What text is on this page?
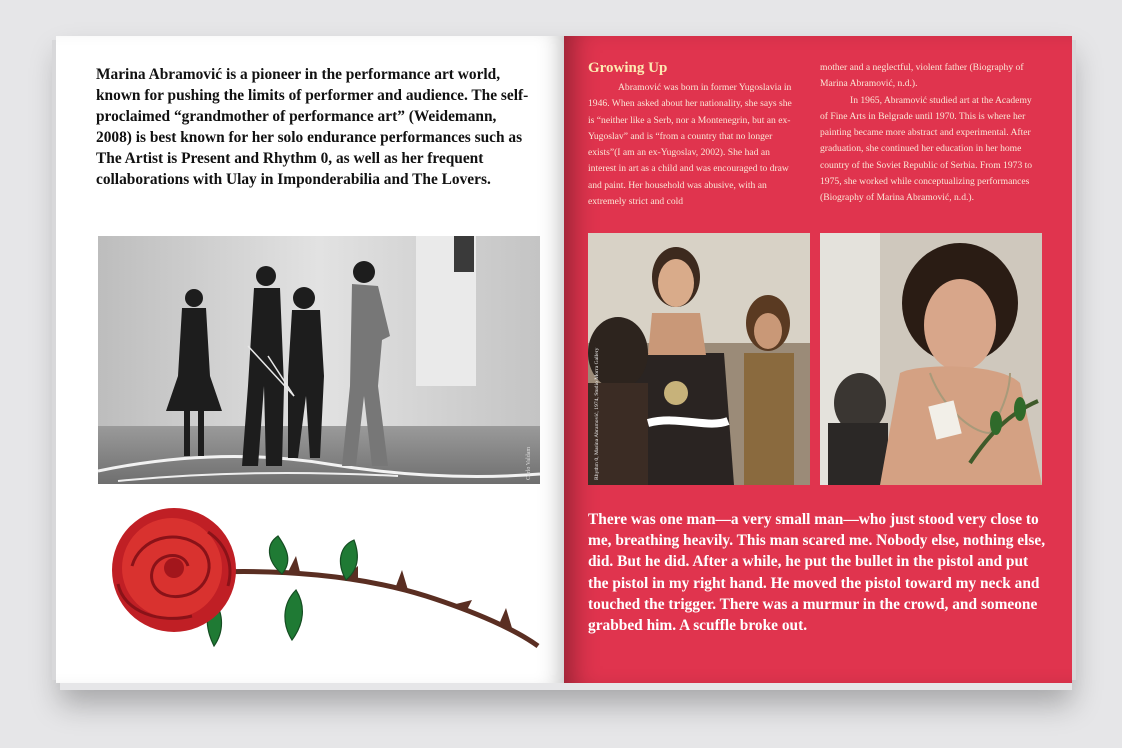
Marina Abramović is a pioneer in the performance art world, known for pushing the limits of performer and audience. The self-proclaimed “grandmother of performance art” (Weidemann, 2008) is best known for her solo endurance performances such as The Artist is Present and Rhythm 0, as well as her frequent collaborations with Ulay in Imponderabilia and The Lovers.

Carlo Valdam
Growing Up

Abramović was born in former Yugoslavia in 1946. When asked about her nationality, she says she is “neither like a Serb, nor a Montenegrin, but an ex-Yugoslav” and is “from a country that no longer exists”(I am an ex-Yugoslav, 2002). She had an interest in art as a child and was encouraged to draw and paint. Her household was abusive, with an extremely strict and cold

mother and a neglectful, violent father (Biography of Marina Abramović, n.d.).
In 1965, Abramović studied art at the Academy of Fine Arts in Belgrade until 1970. This is where her painting became more abstract and experimental. After graduation, she continued her education in her home country of the Soviet Republic of Serbia. From 1973 to 1975, she worked while conceptualizing performances (Biography of Marina Abramović, n.d.).
Rhythm 0, Marina Abramović, 1974, Studio Morra Gallery

There was one man—a very small man—who just stood very close to me, breathing heavily. This man scared me. Nobody else, nothing else, did. But he did. After a while, he put the bullet in the pistol and put the pistol in my right hand. He moved the pistol toward my neck and touched the trigger. There was a murmur in the crowd, and someone grabbed him. A scuffle broke out.
